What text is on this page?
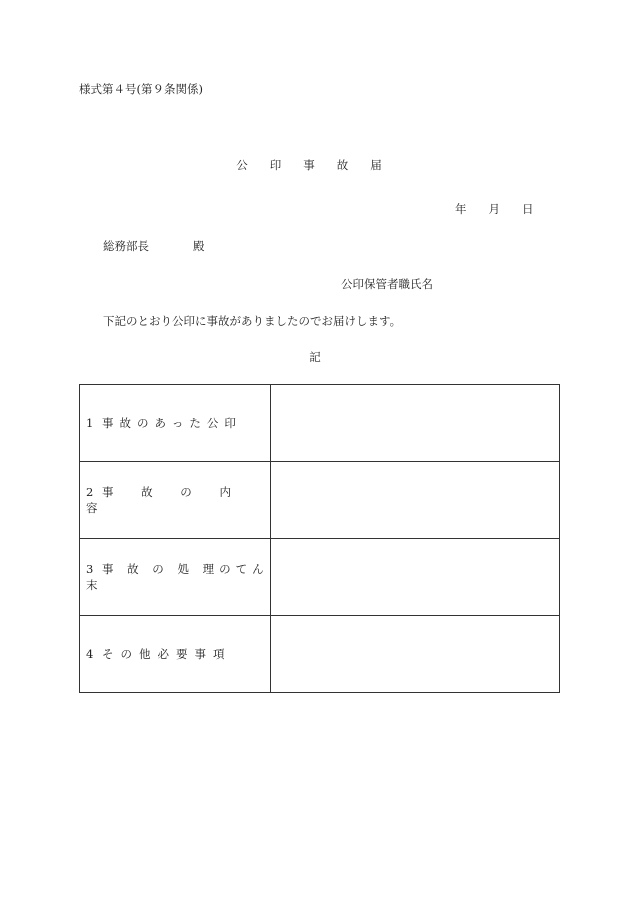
様式第４号(第９条関係)
公印事故届
年 月 日
総務部長	殿
公印保管者職氏名
下記のとおり公印に事故がありましたのでお届けします。
記
1 事故のあった公印	
2 事 故 の 内 容	
3 事 故 の 処 理のてん末	
4 その他必要事項	
